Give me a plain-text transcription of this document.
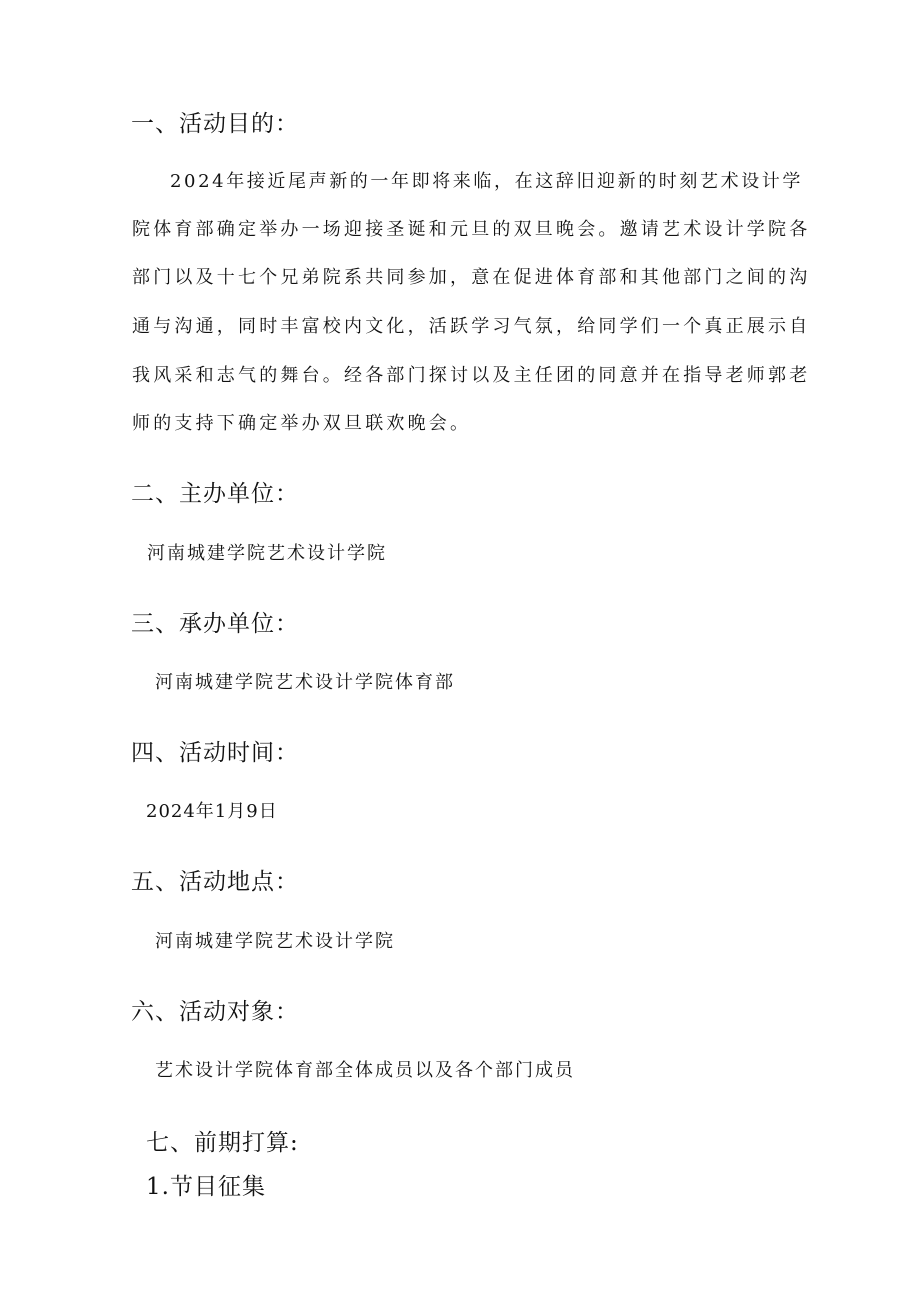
一、活动目的：
2024年接近尾声新的一年即将来临，在这辞旧迎新的时刻艺术设计学
院体育部确定举办一场迎接圣诞和元旦的双旦晚会。邀请艺术设计学院各
部门以及十七个兄弟院系共同参加，意在促进体育部和其他部门之间的沟
通与沟通，同时丰富校内文化，活跃学习气氛，给同学们一个真正展示自
我风采和志气的舞台。经各部门探讨以及主任团的同意并在指导老师郭老
师的支持下确定举办双旦联欢晚会。
二、主办单位：
河南城建学院艺术设计学院
三、承办单位：
河南城建学院艺术设计学院体育部
四、活动时间：
2024年1月9日
五、活动地点：
河南城建学院艺术设计学院
六、活动对象：
艺术设计学院体育部全体成员以及各个部门成员
七、前期打算:
1.节目征集
